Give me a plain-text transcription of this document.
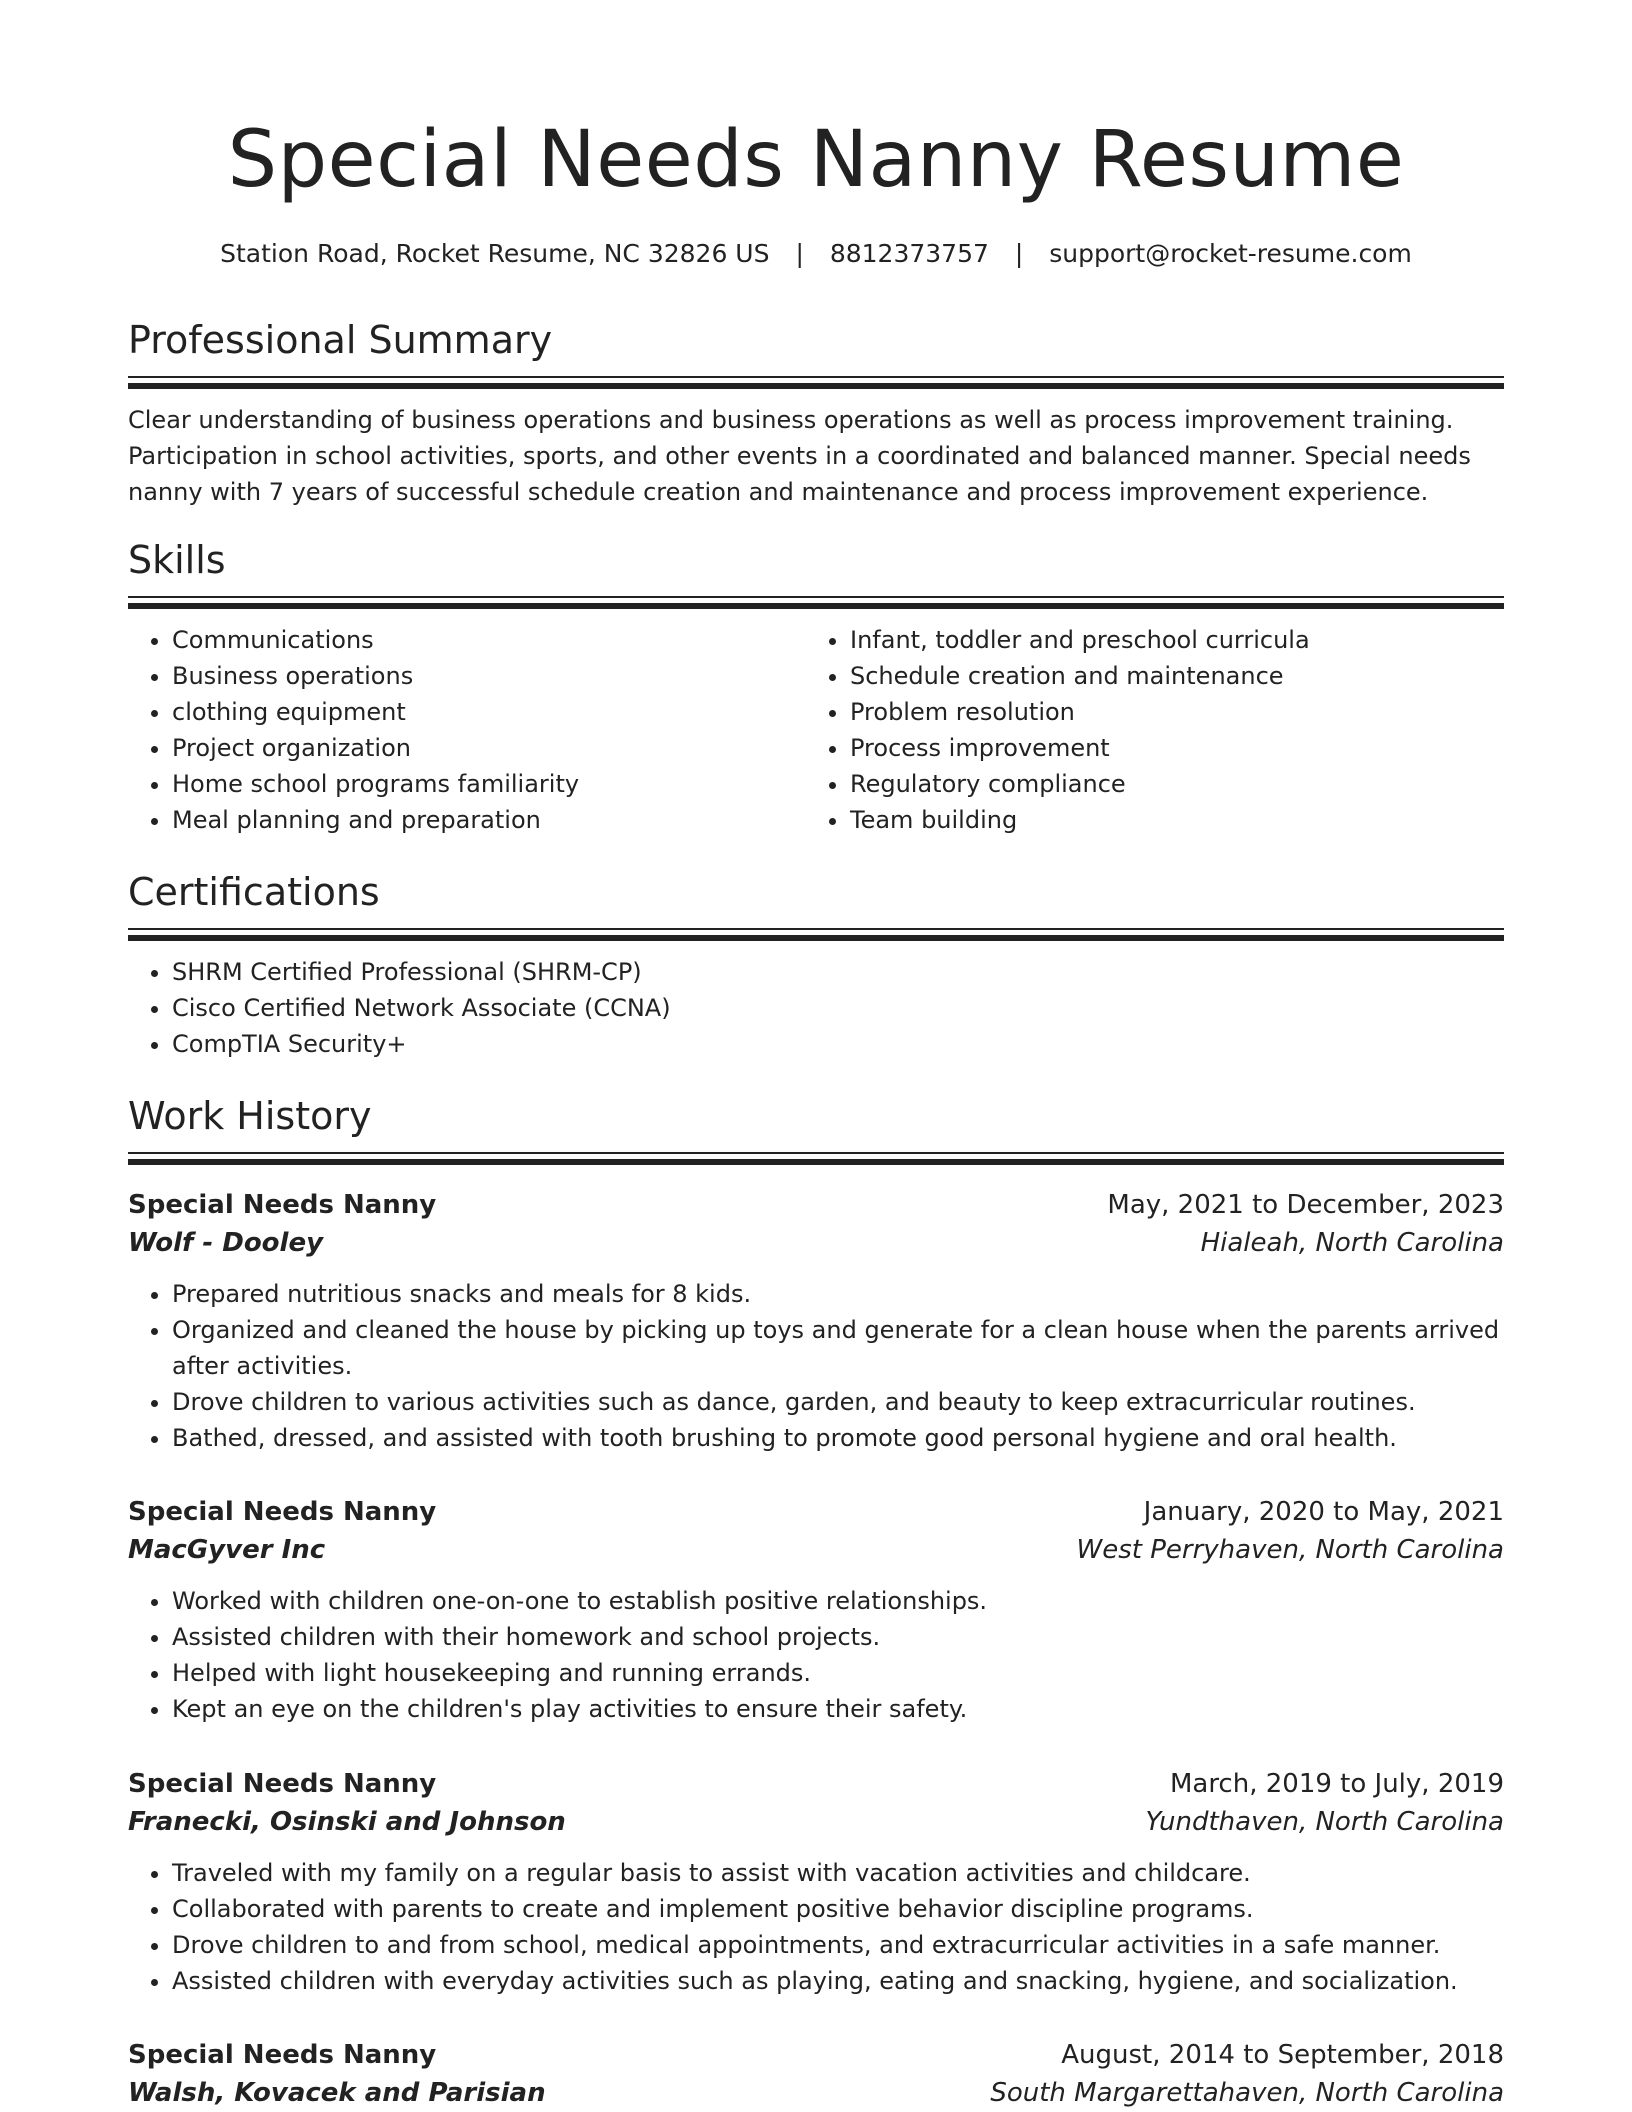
Special Needs Nanny Resume
Station Road, Rocket Resume, NC 32826 US | 8812373757 | support@rocket-resume.com
Professional Summary

Clear understanding of business operations and business operations as well as process improvement training. Participation in school activities, sports, and other events in a coordinated and balanced manner. Special needs nanny with 7 years of successful schedule creation and maintenance and process improvement experience.

Skills
• Communications
• Business operations
• clothing equipment
• Project organization
• Home school programs familiarity
• Meal planning and preparation
• Infant, toddler and preschool curricula
• Schedule creation and maintenance
• Problem resolution
• Process improvement
• Regulatory compliance
• Team building
Certifications
• SHRM Certified Professional (SHRM-CP)
• Cisco Certified Network Associate (CCNA)
• CompTIA Security+
Work History
Special Needs Nanny	May, 2021 to December, 2023
Wolf - Dooley	Hialeah, North Carolina
• Prepared nutritious snacks and meals for 8 kids.
• Organized and cleaned the house by picking up toys and generate for a clean house when the parents arrived after activities.
• Drove children to various activities such as dance, garden, and beauty to keep extracurricular routines.
• Bathed, dressed, and assisted with tooth brushing to promote good personal hygiene and oral health.
Special Needs Nanny	January, 2020 to May, 2021
MacGyver Inc	West Perryhaven, North Carolina
• Worked with children one-on-one to establish positive relationships.
• Assisted children with their homework and school projects.
• Helped with light housekeeping and running errands.
• Kept an eye on the children's play activities to ensure their safety.
Special Needs Nanny	March, 2019 to July, 2019
Franecki, Osinski and Johnson	Yundthaven, North Carolina
• Traveled with my family on a regular basis to assist with vacation activities and childcare.
• Collaborated with parents to create and implement positive behavior discipline programs.
• Drove children to and from school, medical appointments, and extracurricular activities in a safe manner.
• Assisted children with everyday activities such as playing, eating and snacking, hygiene, and socialization.
Special Needs Nanny	August, 2014 to September, 2018
Walsh, Kovacek and Parisian	South Margarettahaven, North Carolina
